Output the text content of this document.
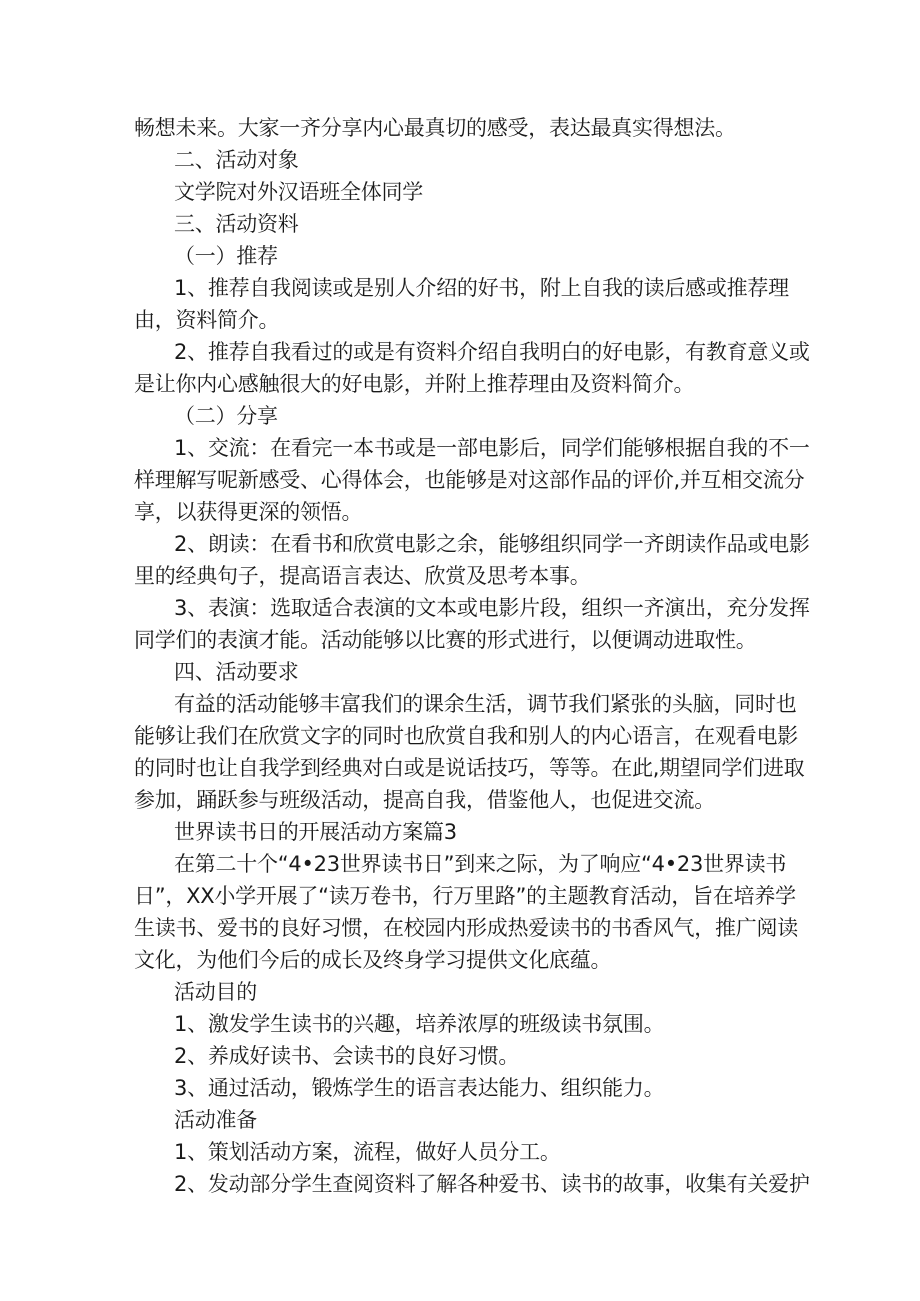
畅想未来。大家一齐分享内心最真切的感受，表达最真实得想法。

二、活动对象

文学院对外汉语班全体同学

三、活动资料

（一）推荐

1、推荐自我阅读或是别人介绍的好书，附上自我的读后感或推荐理由，资料简介。

2、推荐自我看过的或是有资料介绍自我明白的好电影，有教育意义或是让你内心感触很大的好电影，并附上推荐理由及资料简介。

（二）分享

1、交流：在看完一本书或是一部电影后，同学们能够根据自我的不一样理解写呢新感受、心得体会，也能够是对这部作品的评价,并互相交流分享，以获得更深的领悟。

2、朗读：在看书和欣赏电影之余，能够组织同学一齐朗读作品或电影里的经典句子，提高语言表达、欣赏及思考本事。

3、表演：选取适合表演的文本或电影片段，组织一齐演出，充分发挥同学们的表演才能。活动能够以比赛的形式进行，以便调动进取性。

四、活动要求

有益的活动能够丰富我们的课余生活，调节我们紧张的头脑，同时也能够让我们在欣赏文字的同时也欣赏自我和别人的内心语言，在观看电影的同时也让自我学到经典对白或是说话技巧，等等。在此,期望同学们进取参加，踊跃参与班级活动，提高自我，借鉴他人，也促进交流。

世界读书日的开展活动方案篇3

在第二十个“4•23世界读书日”到来之际，为了响应“4•23世界读书日”，XX小学开展了“读万卷书，行万里路”的主题教育活动，旨在培养学生读书、爱书的良好习惯，在校园内形成热爱读书的书香风气，推广阅读文化，为他们今后的成长及终身学习提供文化底蕴。

活动目的

1、激发学生读书的兴趣，培养浓厚的班级读书氛围。

2、养成好读书、会读书的良好习惯。

3、通过活动，锻炼学生的语言表达能力、组织能力。

活动准备

1、策划活动方案，流程，做好人员分工。

2、发动部分学生查阅资料了解各种爱书、读书的故事，收集有关爱护
